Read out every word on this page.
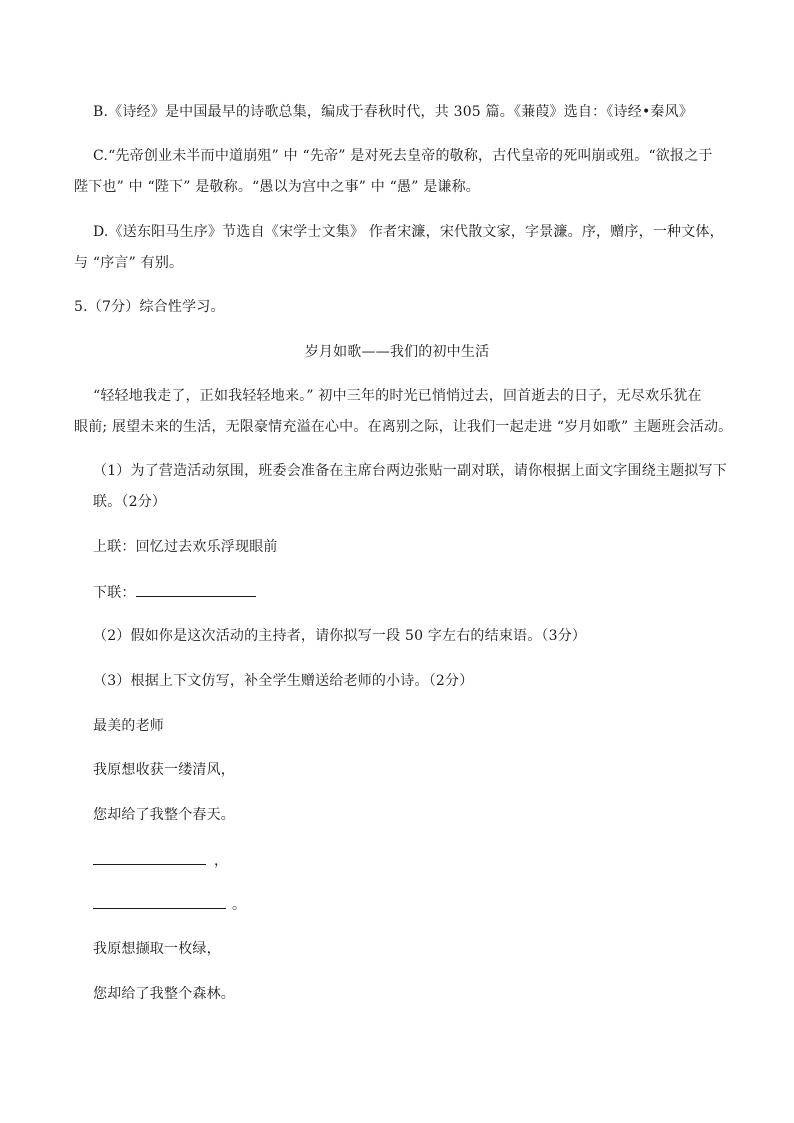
B.《诗经》是中国最早的诗歌总集，编成于春秋时代，共 305 篇。《蒹葭》选自：《诗经•秦风》
C.“先帝创业未半而中道崩殂” 中 “先帝” 是对死去皇帝的敬称，古代皇帝的死叫崩或殂。“欲报之于
陛下也” 中 “陛下” 是敬称。“愚以为宫中之事” 中 “愚” 是谦称。
D.《送东阳马生序》节选自《宋学士文集》 作者宋濂，宋代散文家，字景濂。序，赠序，一种文体，
与 “序言” 有别。
5.（7分）综合性学习。
岁月如歌——我们的初中生活
“轻轻地我走了，正如我轻轻地来。” 初中三年的时光已悄悄过去，回首逝去的日子，无尽欢乐犹在
眼前; 展望未来的生活，无限豪情充溢在心中。在离别之际，让我们一起走进 “岁月如歌” 主题班会活动。
（1）为了营造活动氛围，班委会准备在主席台两边张贴一副对联，请你根据上面文字围绕主题拟写下
联。（2分）
上联：回忆过去欢乐浮现眼前
下联：
（2）假如你是这次活动的主持者，请你拟写一段 50 字左右的结束语。（3分）
（3）根据上下文仿写，补全学生赠送给老师的小诗。（2分）
最美的老师
我原想收获一缕清风，
您却给了我整个春天。
，
。
我原想撷取一枚绿，
您却给了我整个森林。
